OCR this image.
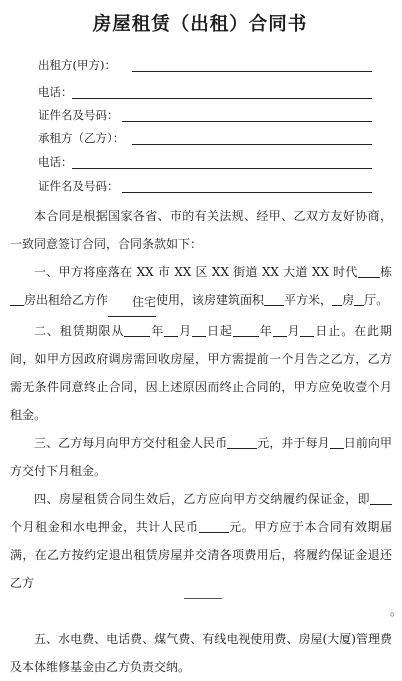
房屋租赁（出租）合同书
出租方(甲方)：
电话：
证件名及号码：
承租方（乙方）：
电话：
证件名及号码：

本合同是根据国家各省、市的有关法规、经甲、乙双方友好协商，一致同意签订合同，合同条款如下：

一、甲方将座落在 XX 市 XX 区 XX 街道 XX 大道 XX 时代 栋房出租给乙方作 住宅使用，该房建筑面积 平方米， 房 厅。

二、租赁期限从 年 月 日起 年 月 日止。在此期间，如甲方因政府调房需回收房屋，甲方需提前一个月告之乙方，乙方需无条件同意终止合同，因上述原因而终止合同的，甲方应免收壹个月租金。

三、乙方每月向甲方交付租金人民币	元，并于每月 日前向甲方交付下月租金。

四、房屋租赁合同生效后，乙方应向甲方交纳履约保证金，即个月租金和水电押金，共计人民币	元。甲方应于本合同有效期届满，在乙方按约定退出租赁房屋并交清各项费用后，将履约保证金退还乙方
。

五、水电费、电话费、煤气费、有线电视使用费、房屋(大厦)管理费及本体维修基金由乙方负责交纳。
